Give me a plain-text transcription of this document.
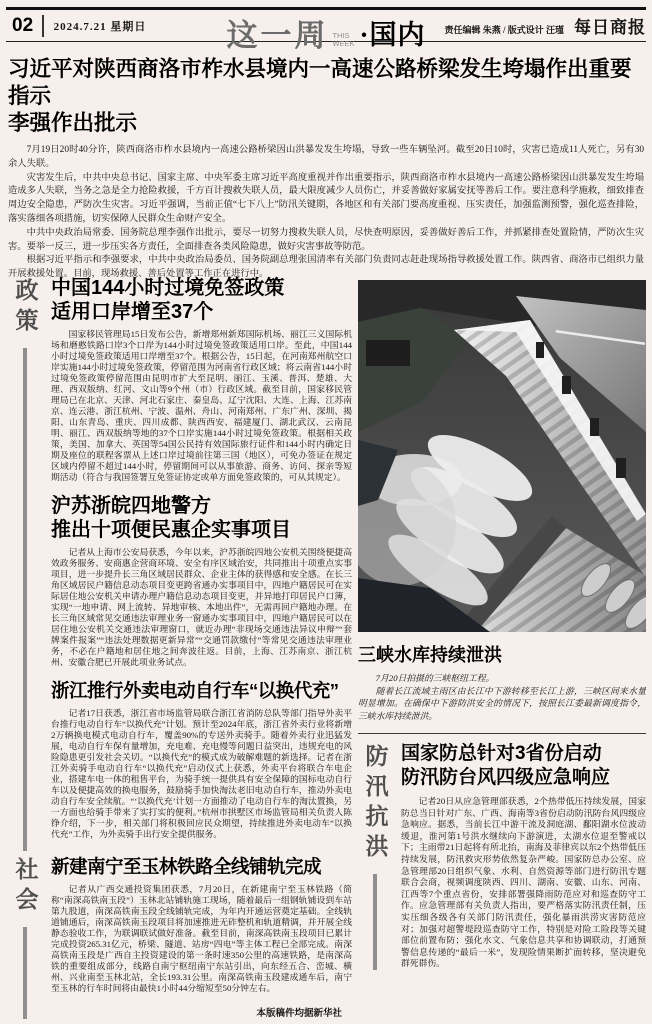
02	2024.7.21 星期日	这一周 THIS
WEEK ·国内 责任编辑 朱燕 / 版式设计 汪瑾 每日商报
习近平对陕西商洛市柞水县境内一高速公路桥梁发生垮塌作出重要指示
李强作出批示

7月19日20时40分许，陕西商洛市柞水县境内一高速公路桥梁因山洪暴发发生垮塌，导致一些车辆坠河。截至20日10时，灾害已造成11人死亡，另有30余人失联。

灾害发生后，中共中央总书记、国家主席、中央军委主席习近平高度重视并作出重要指示，陕西商洛市柞水县境内一高速公路桥梁因山洪暴发发生垮塌造成多人失联，当务之急是全力抢险救援，千方百计搜救失联人员，最大限度减少人员伤亡，并妥善做好家属安抚等善后工作。要注意科学施救，细致排查周边安全隐患，严防次生灾害。习近平强调，当前正值“七下八上”防汛关键期，各地区和有关部门要高度重视、压实责任，加强监测预警，强化巡查排险，落实落细各项措施，切实保障人民群众生命财产安全。

中共中央政治局常委、国务院总理李强作出批示，要尽一切努力搜救失联人员，尽快查明原因，妥善做好善后工作，并抓紧排查处置险情，严防次生灾害。要举一反三，进一步压实各方责任，全面排查各类风险隐患，做好灾害事故等防范。

根据习近平指示和李强要求，中共中央政治局委员、国务院副总理张国清率有关部门负责同志赶赴现场指导救援处置工作。陕西省、商洛市已组织力量开展救援处置。目前，现场救援、善后处置等工作正在进行中。

政策 中国144小时过境免签政策
适用口岸增至37个

国家移民管理局15日发布公告，新增郑州新郑国际机场、丽江三义国际机场和磨憨铁路口岸3个口岸为144小时过境免签政策适用口岸。至此，中国144小时过境免签政策适用口岸增至37个。根据公告，15日起，在河南郑州航空口岸实施144小时过境免签政策，停留范围为河南省行政区域；将云南省144小时过境免签政策停留范围由昆明市扩大至昆明、丽江、玉溪、普洱、楚雄、大理、西双版纳、红河、文山等9个州（市）行政区域。截至目前，国家移民管理局已在北京、天津、河北石家庄、秦皇岛、辽宁沈阳、大连、上海、江苏南京、连云港、浙江杭州、宁波、温州、舟山、河南郑州、广东广州、深圳、揭阳、山东青岛、重庆、四川成都、陕西西安、福建厦门、湖北武汉、云南昆明、丽江、西双版纳等地的37个口岸实施144小时过境免签政策。根据相关政策，美国、加拿大、英国等54国公民持有效国际旅行证件和144小时内确定日期及座位的联程客票从上述口岸过境前往第三国（地区），可免办签证在规定区域内停留不超过144小时，停留期间可以从事旅游、商务、访问、探亲等短期活动（符合与我国签署互免签证协定或单方面免签政策的，可从其规定）。

沪苏浙皖四地警方
推出十项便民惠企实事项目

记者从上海市公安局获悉，今年以来，沪苏浙皖四地公安机关围绕便捷高效政务服务、安商惠企营商环境、安全有序区域治安，共同推出十项重点实事项目，进一步提升长三角区域居民群众、企业主体的获得感和安全感。在长三角区域居民户籍信息动态项目变更跨省通办实事项目中，四地户籍居民可在实际居住地公安机关申请办理户籍信息动态项目变更，并异地打印居民户口簿，实现“一地申请、网上流转、异地审核、本地出件”，无需再回户籍地办理。在长三角区域常见交通违法审理业务一窗通办实事项目中，四地户籍居民可以在居住地公安机关交通违法审理窗口，就近办理“非现场交通违法异议申辩”“套牌案件报案”“违法处理数据更新异常”“交通罚款缴付”等常见交通违法审理业务，不必在户籍地和居住地之间奔波往返。目前，上海、江苏南京、浙江杭州、安徽合肥已开展此项业务试点。

浙江推行外卖电动自行车“以换代充”

记者17日获悉，浙江省市场监管局联合浙江省消防总队等部门指导外卖平台推行电动自行车“以换代充”计划。预计至2024年底，浙江省外卖行业将新增2万辆换电模式电动自行车，覆盖90%的专送外卖骑手。随着外卖行业迅猛发展，电动自行车保有量增加，充电难、充电慢等问题日益突出，违规充电的风险隐患更引发社会关切。“以换代充”的模式成为破解难题的新选择。记者在浙江外卖骑手电动自行车“以换代充”启动仪式上获悉，外卖平台将联合车电企业，搭建车电一体的租售平台，为骑手统一提供具有安全保障的国标电动自行车以及便捷高效的换电服务，鼓励骑手加快淘汰老旧电动自行车，推动外卖电动自行车安全续航。“‘以换代充’计划一方面推动了电动自行车的淘汰置换，另一方面也给骑手带来了实打实的便利。”杭州市拱墅区市场监管局相关负责人陈铮介绍，下一步，相关部门将积极回应民众期望，持续推进外卖电动车“以换代充”工作，为外卖骑手出行安全提供服务。

社会 新建南宁至玉林铁路全线铺轨完成

记者从广西交通投资集团获悉，7月20日，在新建南宁至玉林铁路（简称“南深高铁南玉段”）玉林北站铺轨施工现场，随着最后一组钢轨铺设到车站第九股道，南深高铁南玉段全线铺轨完成，为年内开通运营奠定基础。全线轨道铺通后，南深高铁南玉段项目将加速推进无砟整机和轨道精调，并开展全线静态验收工作，为联调联试做好准备。截至目前，南深高铁南玉段项目已累计完成投资265.31亿元，桥梁、隧道、站房“四电”等主体工程已全部完成。南深高铁南玉段是广西自主投资建设的第一条时速350公里的高速铁路，是南深高铁的重要组成部分，线路自南宁枢纽南宁东站引出，向东经五合、峦城、横州、兴业南至玉林北站，全长193.31公里。南深高铁南玉段建成通车后，南宁至玉林的行车时间将由最快1小时44分缩短至50分钟左右。

本版稿件均据新华社
三峡水库持续泄洪

7月20日拍摄的三峡枢纽工程。

随着长江流域主雨区由长江中下游转移至长江上游，三峡区间来水量明显增加。在确保中下游防洪安全的情况下，按照长江委最新调度指令，三峡水库持续泄洪。

防汛抗洪 国家防总针对3省份启动
防汛防台风四级应急响应

记者20日从应急管理部获悉，2个热带低压持续发展，国家防总当日针对广东、广西、海南等3省份启动防汛防台风四级应急响应。据悉，当前长江中游干流及洞庭湖、鄱阳湖水位波动缓退，淮河第1号洪水继续向下游演进，太湖水位退至警戒以下；主雨带21日起将有所北抬，南海及菲律宾以东2个热带低压持续发展，防汛救灾形势依然复杂严峻。国家防总办公室、应急管理部20日组织气象、水利、自然资源等部门进行防汛专题联合会商，视频调度陕西、四川、湖南、安徽、山东、河南、江西等7个重点省份，安排部署强降雨防范应对和巡查防守工作。应急管理部有关负责人指出，要严格落实防汛责任制，压实压细各级各有关部门防汛责任，强化暴雨洪涝灾害防范应对；加强对超警堤段巡查防守工作，特别是对险工险段等关键部位前置布防；强化水文、气象信息共享和协调联动，打通预警信息传递的“最后一米”，发现险情果断扩面转移，坚决避免群死群伤。
